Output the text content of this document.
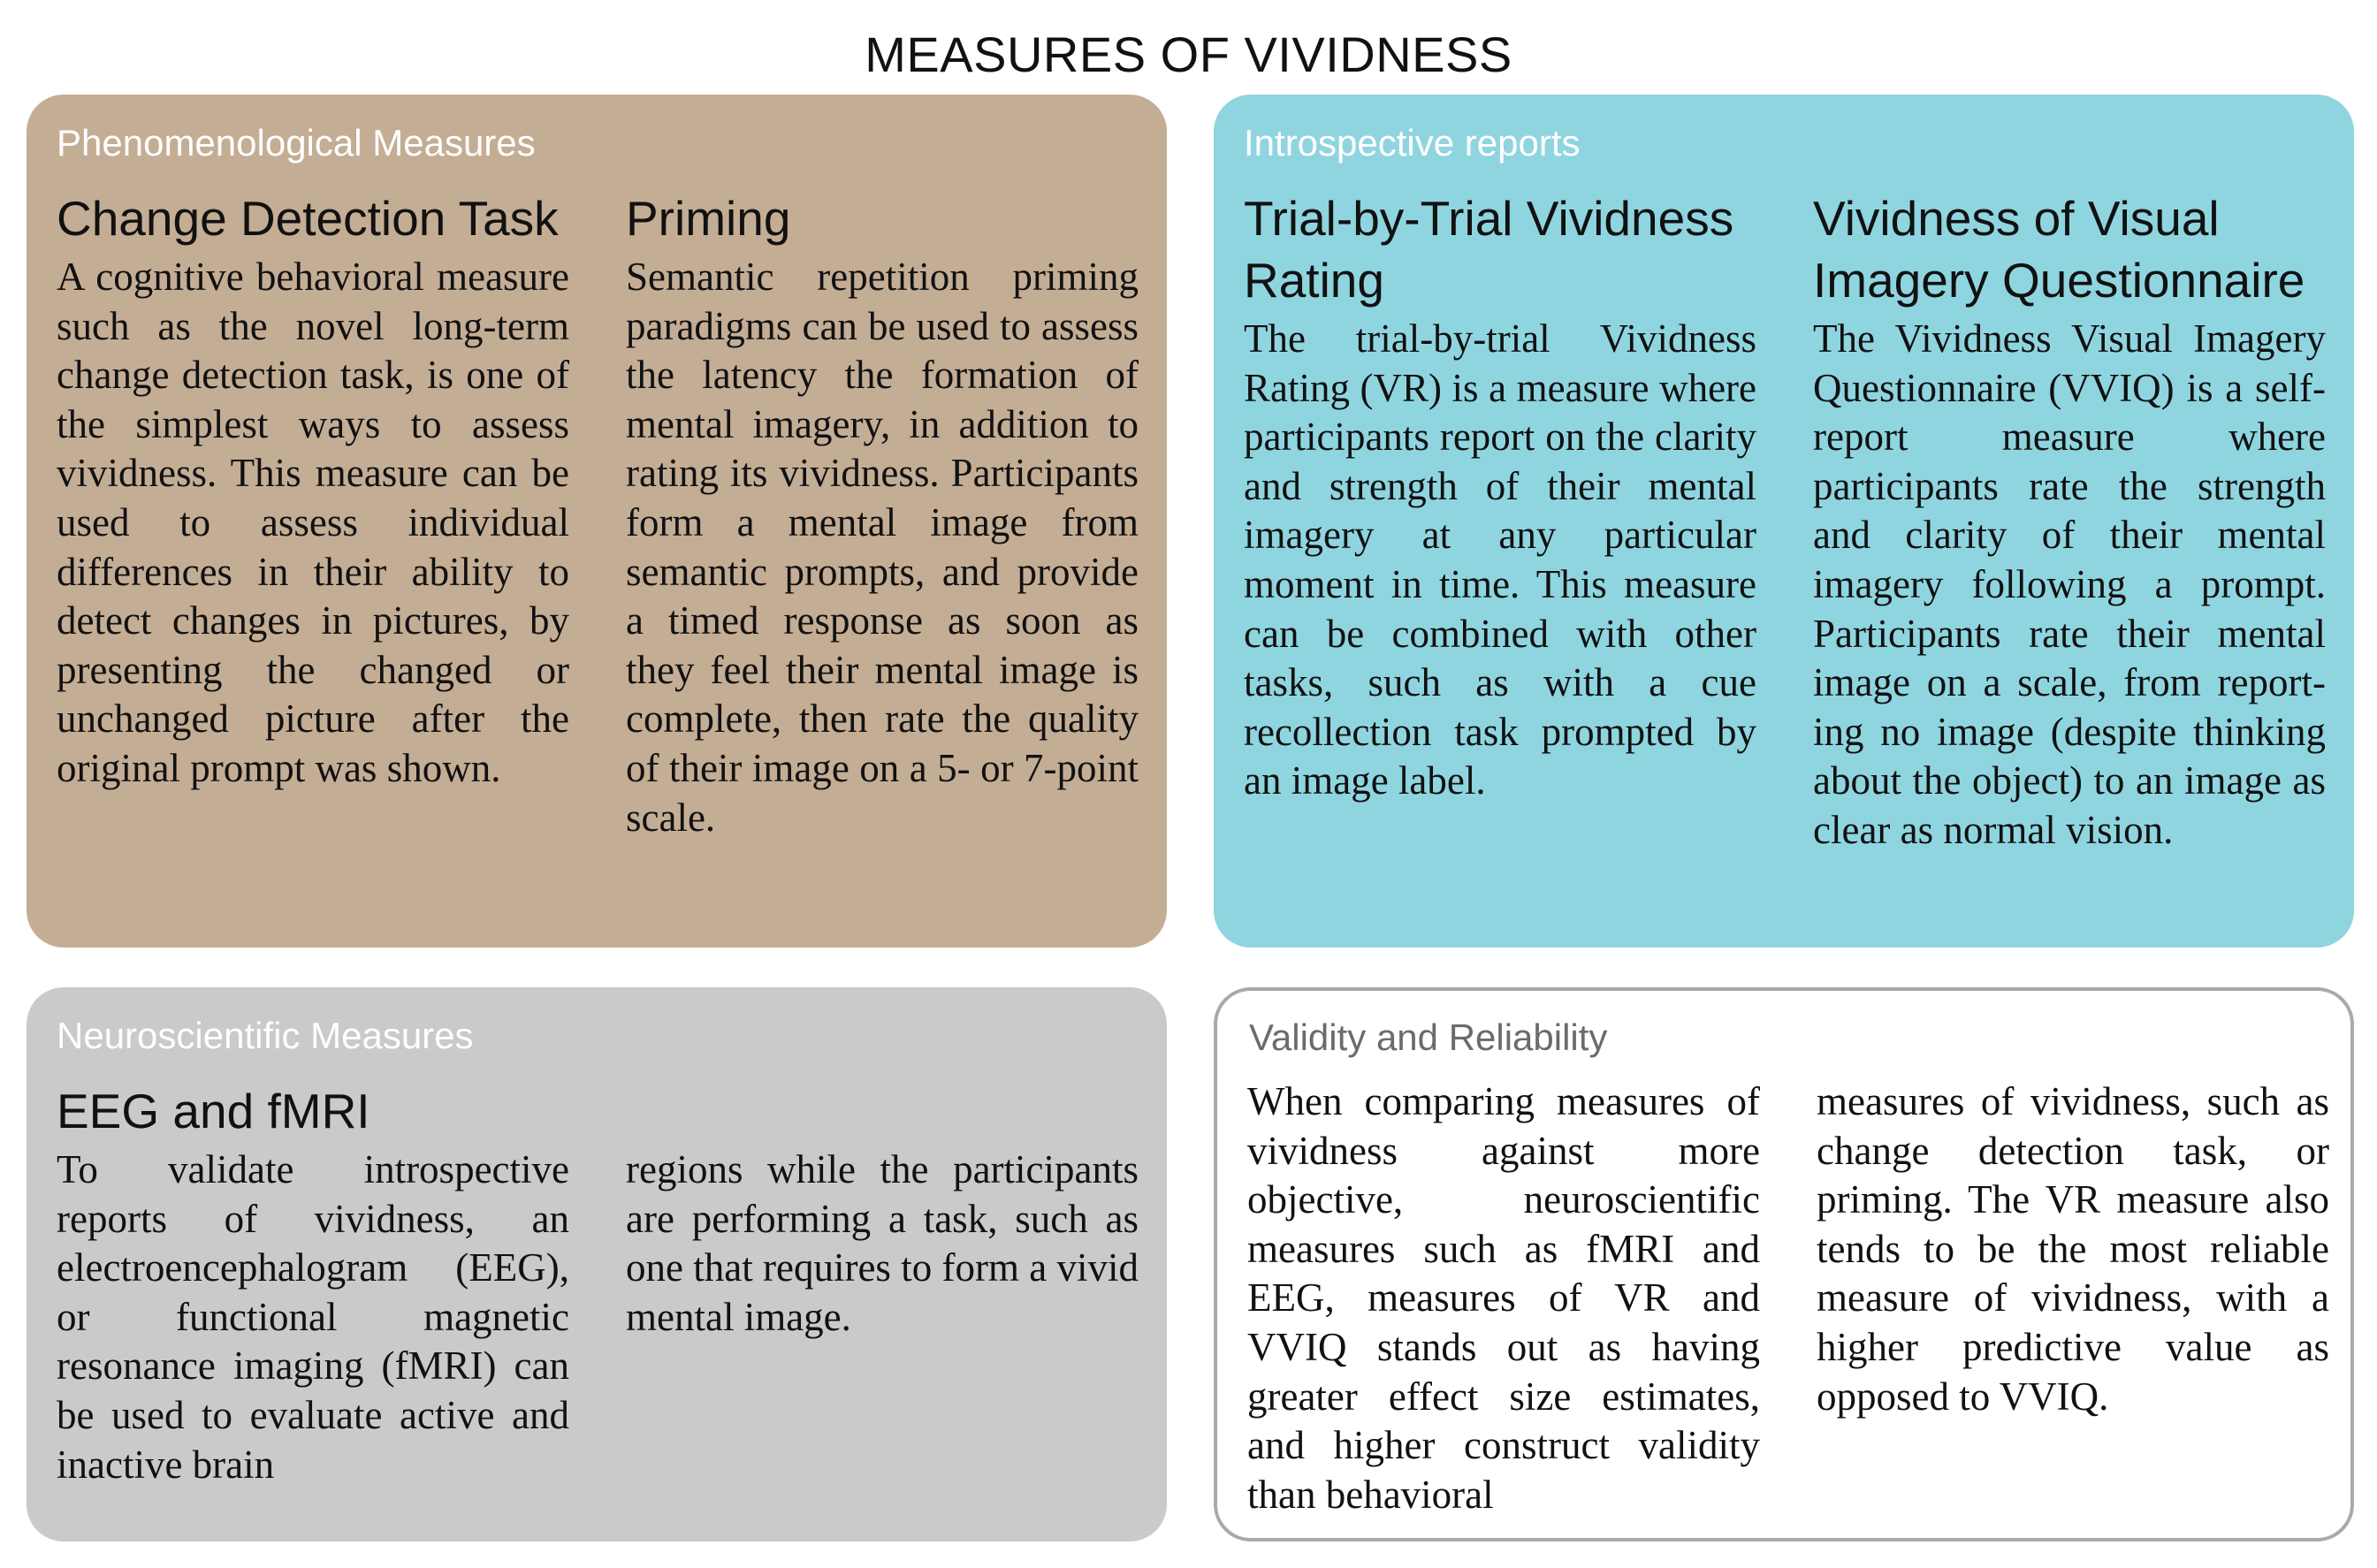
MEASURES OF VIVIDNESS
Phenomenological Measures
Change Detection Task
A cognitive behavioral measure such as the novel long-term change detection task, is one of the simplest ways to assess vividness. This measure can be used to assess individual differences in their ability to detect changes in pictures, by presenting the changed or unchanged picture after the original prompt was shown.
Priming
Semantic repetition priming paradigms can be used to assess the latency the formation of mental imagery, in addition to rating its vividness. Participants form a mental image from semantic prompts, and provide a timed response as soon as they feel their mental image is complete, then rate the quality of their image on a 5- or 7-point scale.
Introspective reports
Trial-by-Trial Vividness Rating
The trial-by-trial Vividness Rating (VR) is a measure where participants report on the clarity and strength of their mental imagery at any particular moment in time. This measure can be combined with other tasks, such as with a cue recollection task prompted by an image label.
Vividness of Visual Imagery Questionnaire
The Vividness Visual Imagery Questionnaire (VVIQ) is a self-report measure where participants rate the strength and clarity of their mental imagery following a prompt. Participants rate their mental image on a scale, from reporting no image (despite thinking about the object) to an image as clear as normal vision.
Neuroscientific Measures
EEG and fMRI
To validate introspective reports of vividness, an electroencephalogram (EEG), or functional magnetic resonance imaging (fMRI) can be used to evaluate active and inactive brain
regions while the participants are performing a task, such as one that requires to form a vivid mental image.
Validity and Reliability
When comparing measures of vividness against more objective, neuroscientific measures such as fMRI and EEG, measures of VR and VVIQ stands out as having greater effect size estimates, and higher construct validity than behavioral
measures of vividness, such as change detection task, or priming. The VR measure also tends to be the most reliable measure of vividness, with a higher predictive value as opposed to VVIQ.
